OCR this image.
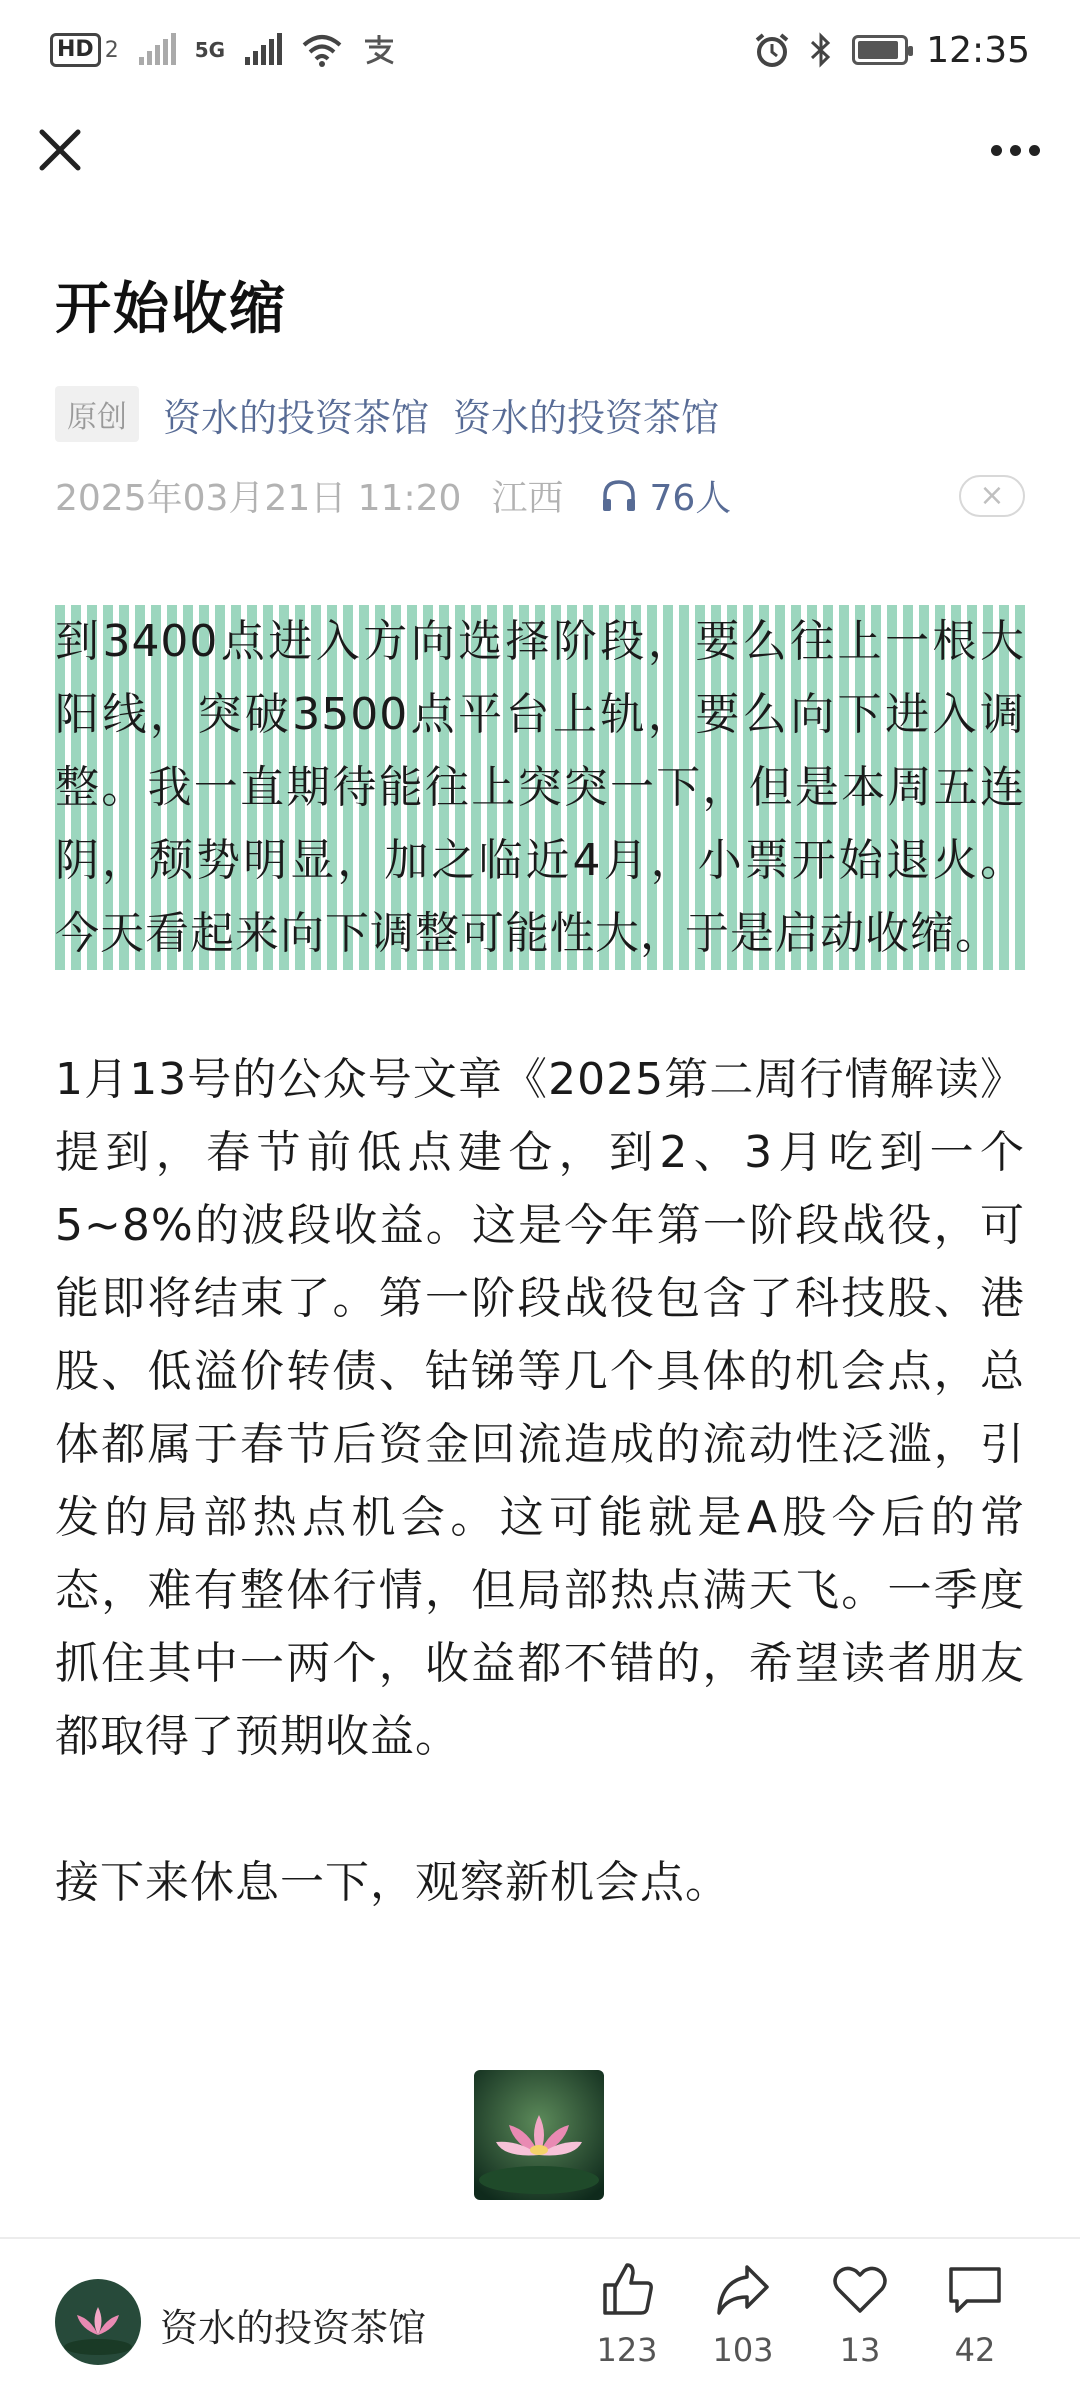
HD 2	5G	12:35
开始收缩
原创 资水的投资茶馆 资水的投资茶馆
2025年03月21日 11:20 江西 76人	×

到3400点进入方向选择阶段，要么往上一根大阳线，突破3500点平台上轨，要么向下进入调整。我一直期待能往上突突一下，但是本周五连阴，颓势明显，加之临近4月，小票开始退火。今天看起来向下调整可能性大，于是启动收缩。

1月13号的公众号文章《2025第二周行情解读》提到，春节前低点建仓，到2、3月吃到一个5~8%的波段收益。这是今年第一阶段战役，可能即将结束了。第一阶段战役包含了科技股、港股、低溢价转债、钴锑等几个具体的机会点，总体都属于春节后资金回流造成的流动性泛滥，引发的局部热点机会。这可能就是A股今后的常态，难有整体行情，但局部热点满天飞。一季度抓住其中一两个，收益都不错的，希望读者朋友都取得了预期收益。

接下来休息一下，观察新机会点。

资水的投资茶馆	123	103	13	42
